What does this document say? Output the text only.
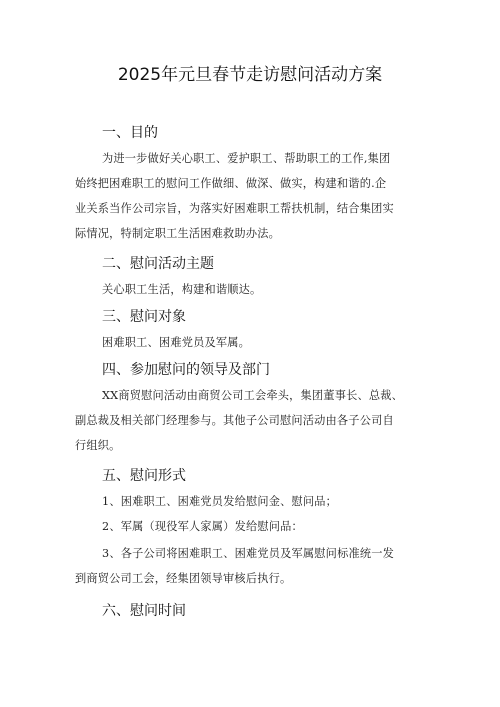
2025年元旦春节走访慰问活动方案
一、目的
为进一步做好关心职工、爱护职工、帮助职工的工作,集团
始终把困难职工的慰问工作做细、做深、做实，构建和谐的.企
业关系当作公司宗旨，为落实好困难职工帮扶机制，结合集团实
际情况，特制定职工生活困难救助办法。
二、慰问活动主题
关心职工生活，构建和谐顺达。
三、慰问对象
困难职工、困难党员及军属。
四、参加慰问的领导及部门
XX商贸慰问活动由商贸公司工会牵头，集团董事长、总裁、
副总裁及相关部门经理参与。其他子公司慰问活动由各子公司自
行组织。
五、慰问形式
1、困难职工、困难党员发给慰问金、慰问品；
2、军属（现役军人家属）发给慰问品：
3、各子公司将困难职工、困难党员及军属慰问标准统一发
到商贸公司工会，经集团领导审核后执行。
六、慰问时间
